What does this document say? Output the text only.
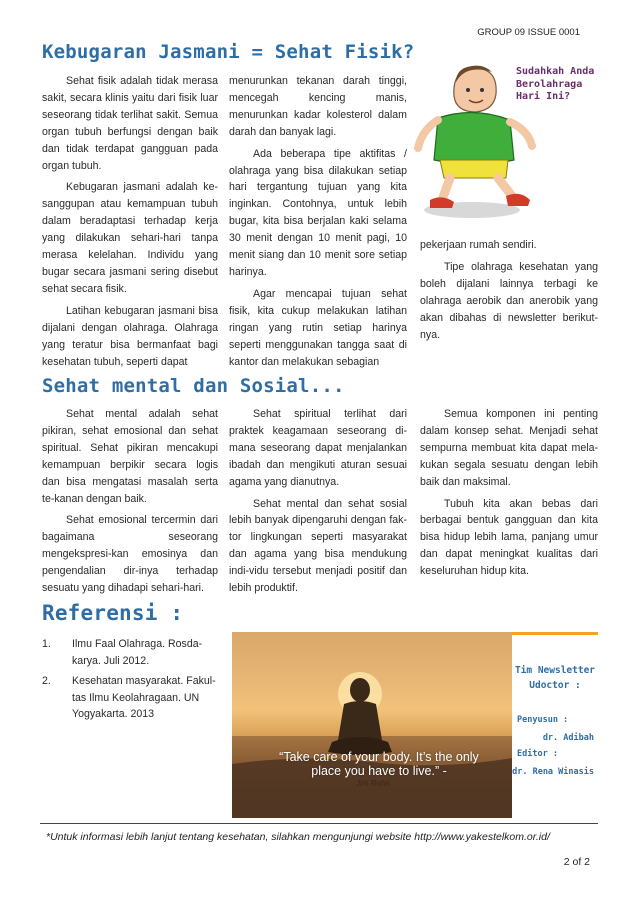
GROUP 09 ISSUE 0001
Kebugaran Jasmani = Sehat Fisik?

Sehat fisik adalah tidak merasa sakit, secara klinis yaitu dari fisik luar seseorang tidak terlihat sakit. Semua organ tubuh berfungsi dengan baik dan tidak terdapat gangguan pada organ tubuh.

Kebugaran jasmani adalah ke-sanggupan atau kemampuan tubuh dalam beradaptasi terhadap kerja yang dilakukan sehari-hari tanpa merasa kelelahan. Individu yang bugar secara jasmani sering disebut sehat secara fisik.

Latihan kebugaran jasmani bisa dijalani dengan olahraga. Olahraga yang teratur bisa bermanfaat bagi kesehatan tubuh, seperti dapat

menurunkan tekanan darah tinggi, mencegah kencing manis, menurunkan kadar kolesterol dalam darah dan banyak lagi.

Ada beberapa tipe aktifitas / olahraga yang bisa dilakukan setiap hari tergantung tujuan yang kita inginkan. Contohnya, untuk lebih bugar, kita bisa berjalan kaki selama 30 menit dengan 10 menit pagi, 10 menit siang dan 10 menit sore setiap harinya.

Agar mencapai tujuan sehat fisik, kita cukup melakukan latihan ringan yang rutin setiap harinya seperti menggunakan tangga saat di kantor dan melakukan sebagian

Sudahkah Anda Berolahraga Hari Ini?

pekerjaan rumah sendiri.

Tipe olahraga kesehatan yang boleh dijalani lainnya terbagi ke olahraga aerobik dan anerobik yang akan dibahas di newsletter berikut-nya.

Sehat mental dan Sosial...

Sehat mental adalah sehat pikiran, sehat emosional dan sehat spiritual. Sehat pikiran mencakupi kemampuan berpikir secara logis dan bisa mengatasi masalah serta te-kanan dengan baik.

Sehat emosional tercermin dari bagaimana seseorang mengekspresi-kan emosinya dan pengendalian dir-inya terhadap sesuatu yang dihadapi sehari-hari.

Sehat spiritual terlihat dari praktek keagamaan seseorang di-mana seseorang dapat menjalankan ibadah dan mengikuti aturan sesuai agama yang dianutnya.

Sehat mental dan sehat sosial lebih banyak dipengaruhi dengan fak-tor lingkungan seperti masyarakat dan agama yang bisa mendukung indi-vidu tersebut menjadi positif dan lebih produktif.

Semua komponen ini penting dalam konsep sehat. Menjadi sehat sempurna membuat kita dapat mela-kukan segala sesuatu dengan lebih baik dan maksimal.

Tubuh kita akan bebas dari berbagai bentuk gangguan dan kita bisa hidup lebih lama, panjang umur dan dapat meningkat kualitas dari keseluruhan hidup kita.

Referensi :
1.	Ilmu Faal Olahraga. Rosda-karya. Juli 2012.
2.	Kesehatan masyarakat. Fakul-tas Ilmu Keolahragaan. UN Yogyakarta. 2013
“Take care of your body. It’s the only place you have to live.” -
Jim Rohn
Tim Newsletter Udoctor :
Penyusun :
dr. Adibah
Editor :
dr. Rena Winasis
*Untuk informasi lebih lanjut tentang kesehatan, silahkan mengunjungi website http://www.yakestelkom.or.id/
2 of 2
